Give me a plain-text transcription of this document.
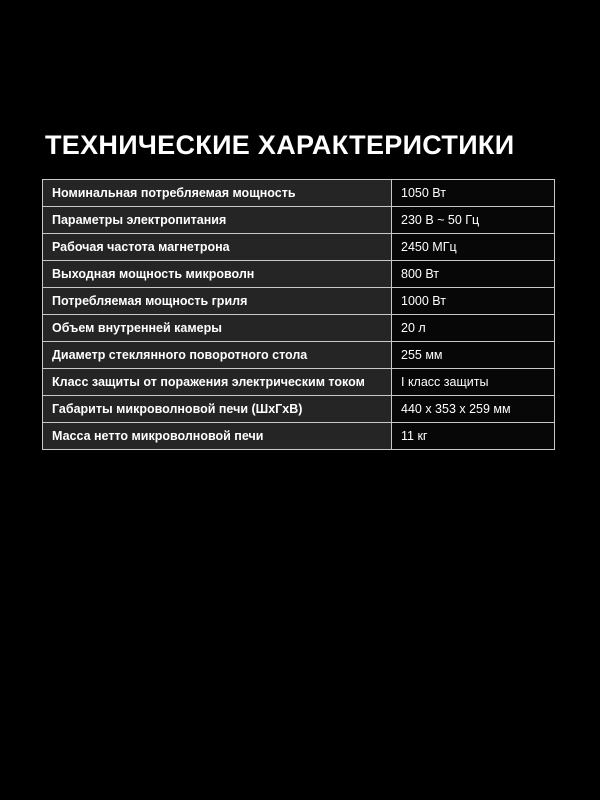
ТЕХНИЧЕСКИЕ ХАРАКТЕРИСТИКИ
Номинальная потребляемая мощность	1050 Вт
Параметры электропитания	230 В ~ 50 Гц
Рабочая частота магнетрона	2450 МГц
Выходная мощность микроволн	800 Вт
Потребляемая мощность гриля	1000 Вт
Объем внутренней камеры	20 л
Диаметр стеклянного поворотного стола	255 мм
Класс защиты от поражения электрическим током	I класс защиты
Габариты микроволновой печи (ШхГхВ)	440 x 353 x 259 мм
Масса нетто микроволновой печи	11 кг
